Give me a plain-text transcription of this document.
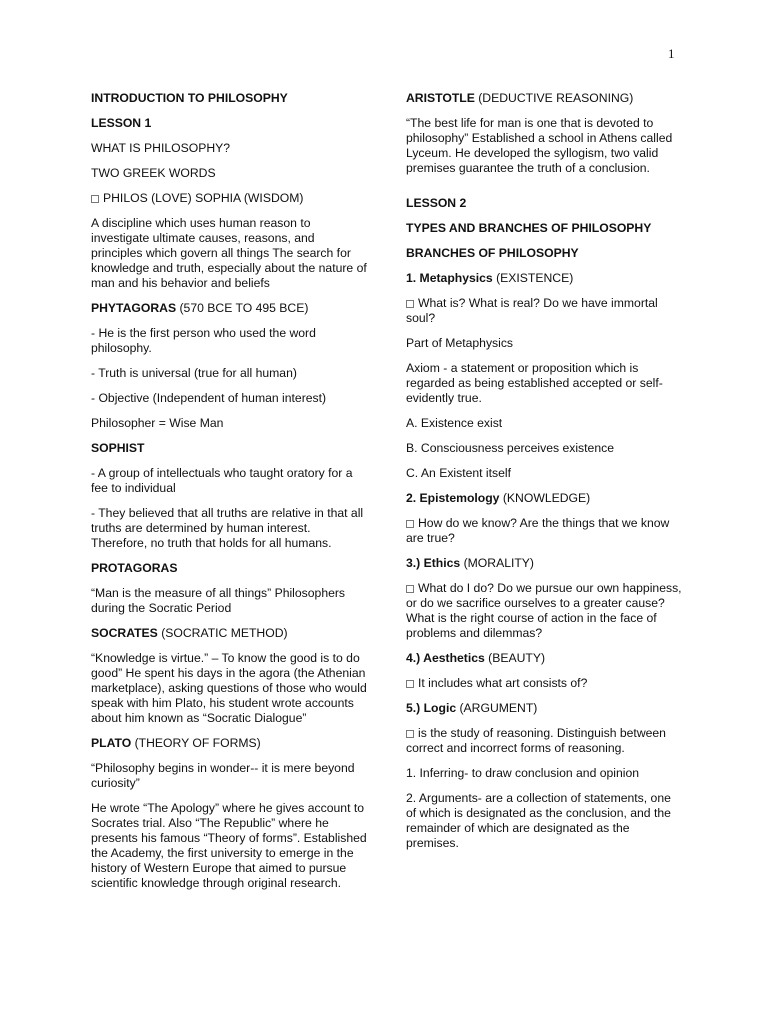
1

INTRODUCTION TO PHILOSOPHY

LESSON 1

WHAT IS PHILOSOPHY?

TWO GREEK WORDS

PHILOS (LOVE) SOPHIA (WISDOM)

A discipline which uses human reason to investigate ultimate causes, reasons, and principles which govern all things The search for knowledge and truth, especially about the nature of man and his behavior and beliefs

PHYTAGORAS (570 BCE TO 495 BCE)

- He is the first person who used the word philosophy.

- Truth is universal (true for all human)

- Objective (Independent of human interest)

Philosopher = Wise Man

SOPHIST

- A group of intellectuals who taught oratory for a fee to individual

- They believed that all truths are relative in that all truths are determined by human interest. Therefore, no truth that holds for all humans.

PROTAGORAS

“Man is the measure of all things” Philosophers during the Socratic Period

SOCRATES (SOCRATIC METHOD)

“Knowledge is virtue.” – To know the good is to do good” He spent his days in the agora (the Athenian marketplace), asking questions of those who would speak with him Plato, his student wrote accounts about him known as “Socratic Dialogue”

PLATO (THEORY OF FORMS)

“Philosophy begins in wonder-- it is mere beyond curiosity”

He wrote “The Apology” where he gives account to Socrates trial. Also “The Republic” where he presents his famous “Theory of forms”. Established the Academy, the first university to emerge in the history of Western Europe that aimed to pursue scientific knowledge through original research.

ARISTOTLE (DEDUCTIVE REASONING)

“The best life for man is one that is devoted to philosophy” Established a school in Athens called Lyceum. He developed the syllogism, two valid premises guarantee the truth of a conclusion.

LESSON 2

TYPES AND BRANCHES OF PHILOSOPHY

BRANCHES OF PHILOSOPHY

1. Metaphysics (EXISTENCE)

What is? What is real? Do we have immortal soul?

Part of Metaphysics

Axiom - a statement or proposition which is regarded as being established accepted or self-evidently true.

A. Existence exist

B. Consciousness perceives existence

C. An Existent itself

2. Epistemology (KNOWLEDGE)

How do we know? Are the things that we know are true?

3.) Ethics (MORALITY)

What do I do? Do we pursue our own happiness, or do we sacrifice ourselves to a greater cause? What is the right course of action in the face of problems and dilemmas?

4.) Aesthetics (BEAUTY)

It includes what art consists of?

5.) Logic (ARGUMENT)

is the study of reasoning. Distinguish between correct and incorrect forms of reasoning.

1. Inferring- to draw conclusion and opinion

2. Arguments- are a collection of statements, one of which is designated as the conclusion, and the remainder of which are designated as the premises.
